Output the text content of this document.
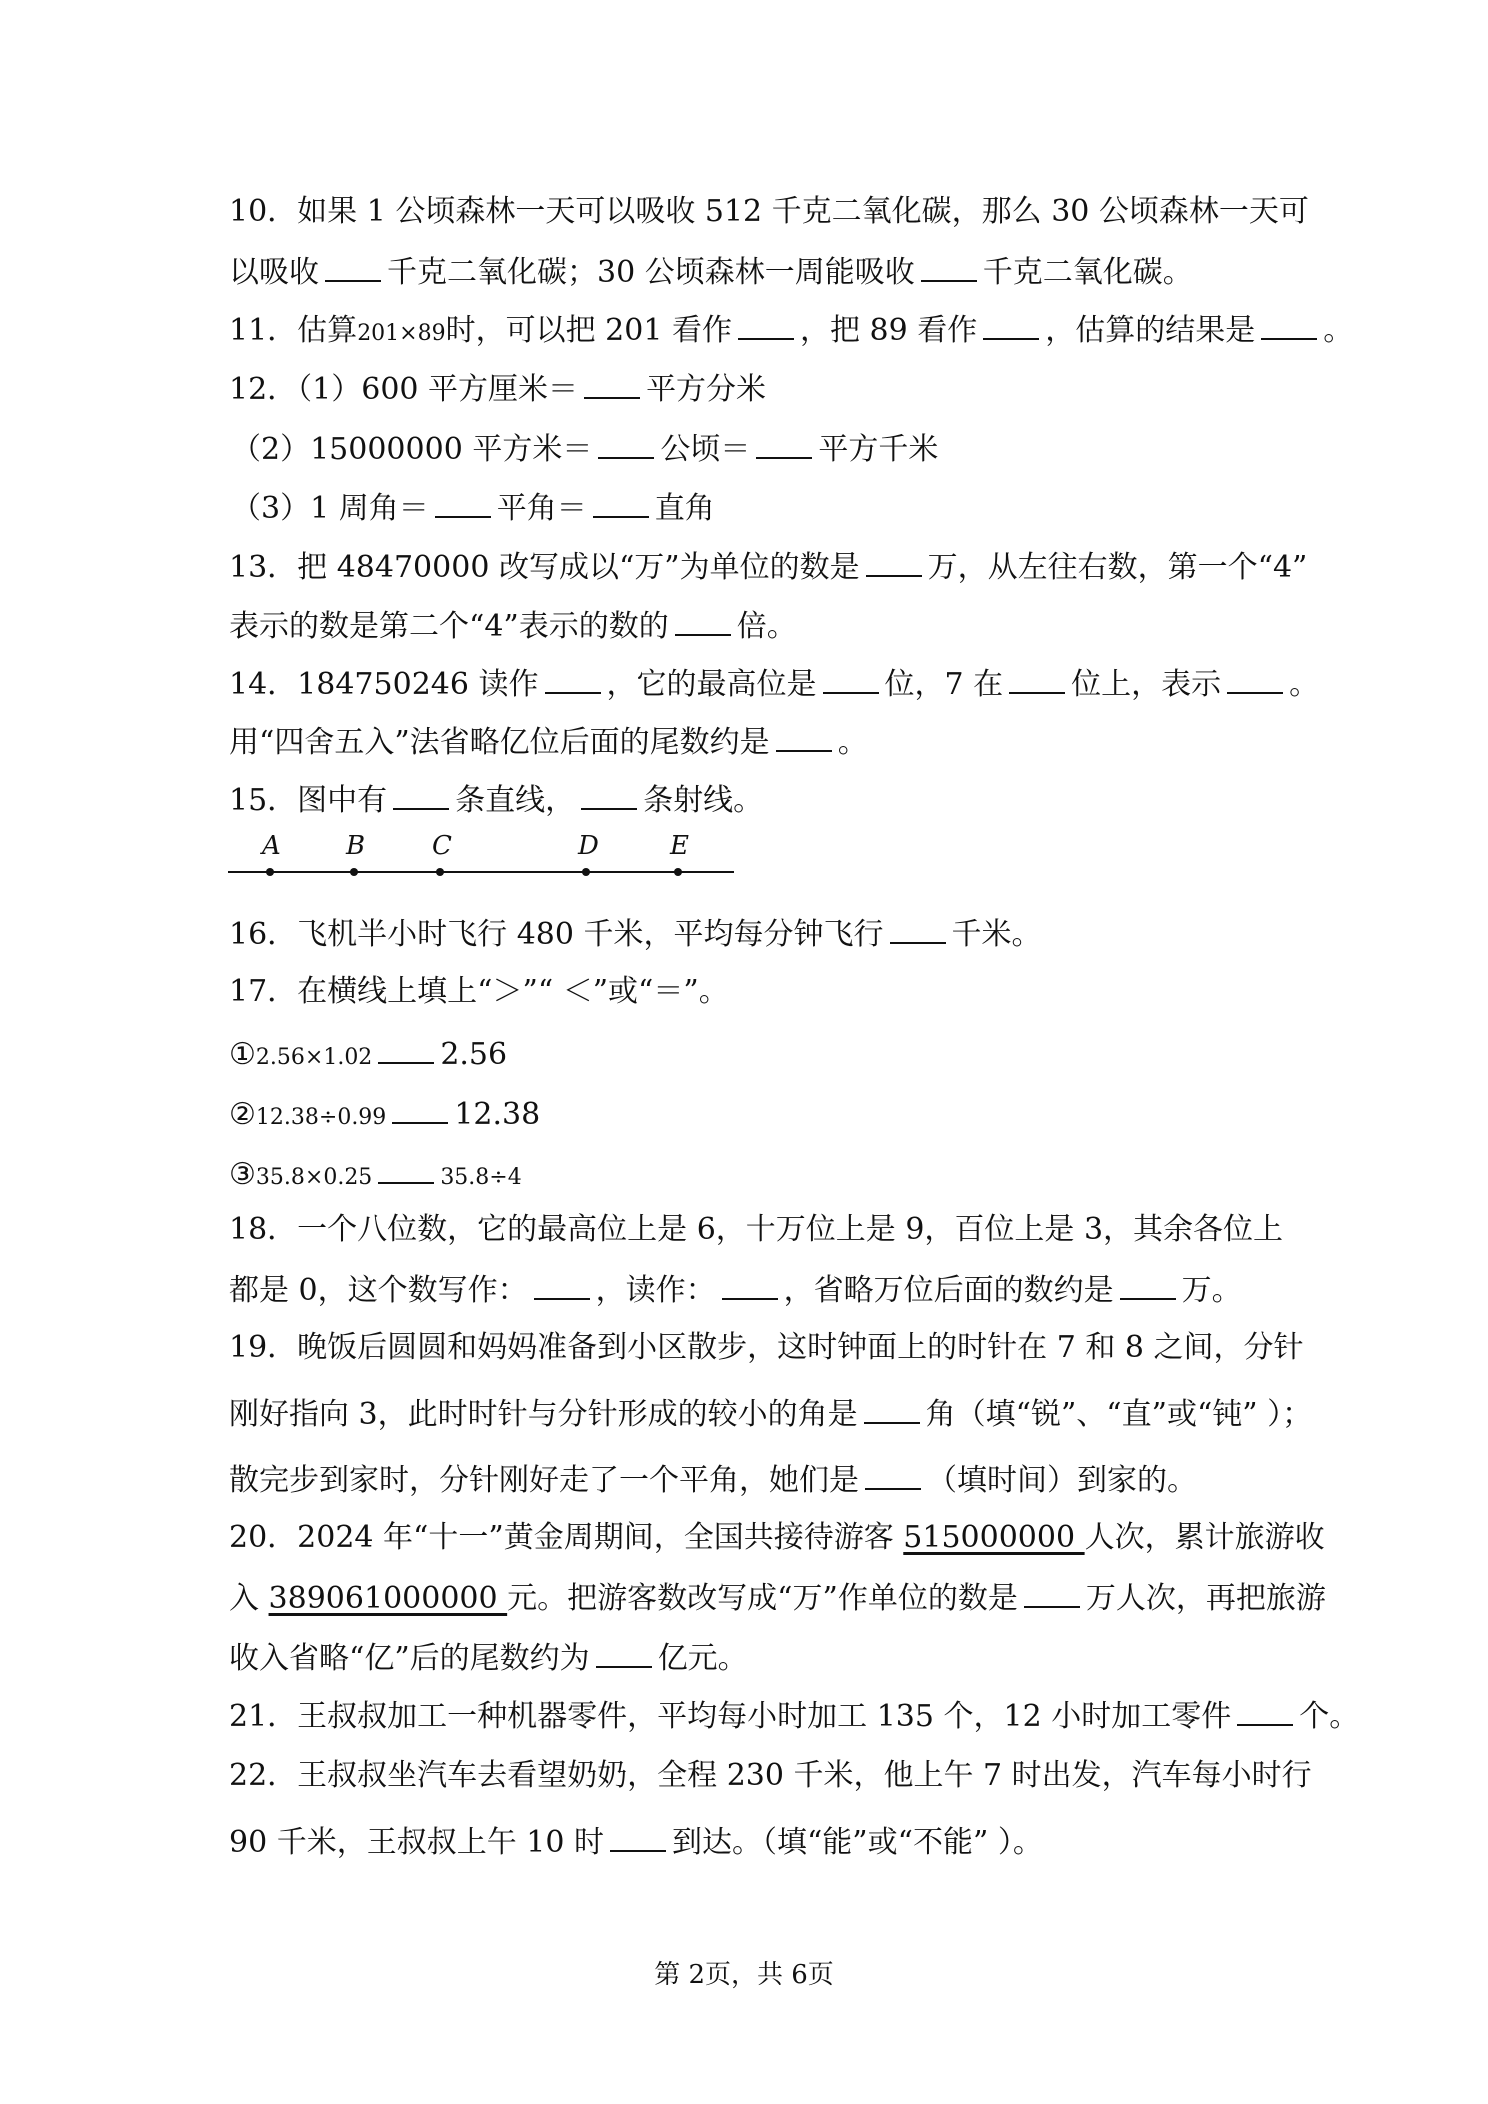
10．如果 1 公顷森林一天可以吸收 512 千克二氧化碳，那么 30 公顷森林一天可
以吸收 千克二氧化碳；30 公顷森林一周能吸收 千克二氧化碳。
11．估算201×89时，可以把 201 看作 ，把 89 看作 ，估算的结果是 。
12．（1）600 平方厘米＝ 平方分米
（2）15000000 平方米＝ 公顷＝ 平方千米
（3）1 周角＝ 平角＝ 直角
13．把 48470000 改写成以“万”为单位的数是 万，从左往右数，第一个“4”
表示的数是第二个“4”表示的数的 倍。
14．184750246 读作 ，它的最高位是 位，7 在 位上，表示 。
用“四舍五入”法省略亿位后面的尾数约是 。
15．图中有 条直线， 条射线。
A	B	C	D	E
16．飞机半小时飞行 480 千米，平均每分钟飞行 千米。
17．在横线上填上“＞”“ ＜”或“＝”。
①2.56×1.02 2.56
②12.38÷0.99 12.38
③35.8×0.25	35.8÷4
18．一个八位数，它的最高位上是 6，十万位上是 9，百位上是 3，其余各位上
都是 0，这个数写作： ，读作： ，省略万位后面的数约是 万。
19．晚饭后圆圆和妈妈准备到小区散步，这时钟面上的时针在 7 和 8 之间，分针
刚好指向 3，此时时针与分针形成的较小的角是 角（填“锐”、“直”或“钝” ）；
散完步到家时，分针刚好走了一个平角，她们是 （填时间）到家的。
20．2024 年“十一”黄金周期间，全国共接待游客 515000000 人次，累计旅游收
入 389061000000 元。把游客数改写成“万”作单位的数是 万人次，再把旅游
收入省略“亿”后的尾数约为 亿元。
21．王叔叔加工一种机器零件，平均每小时加工 135 个，12 小时加工零件 个。
22．王叔叔坐汽车去看望奶奶，全程 230 千米，他上午 7 时出发，汽车每小时行
90 千米，王叔叔上午 10 时 到达。（填“能”或“不能” ）。
第 2页，共 6页
